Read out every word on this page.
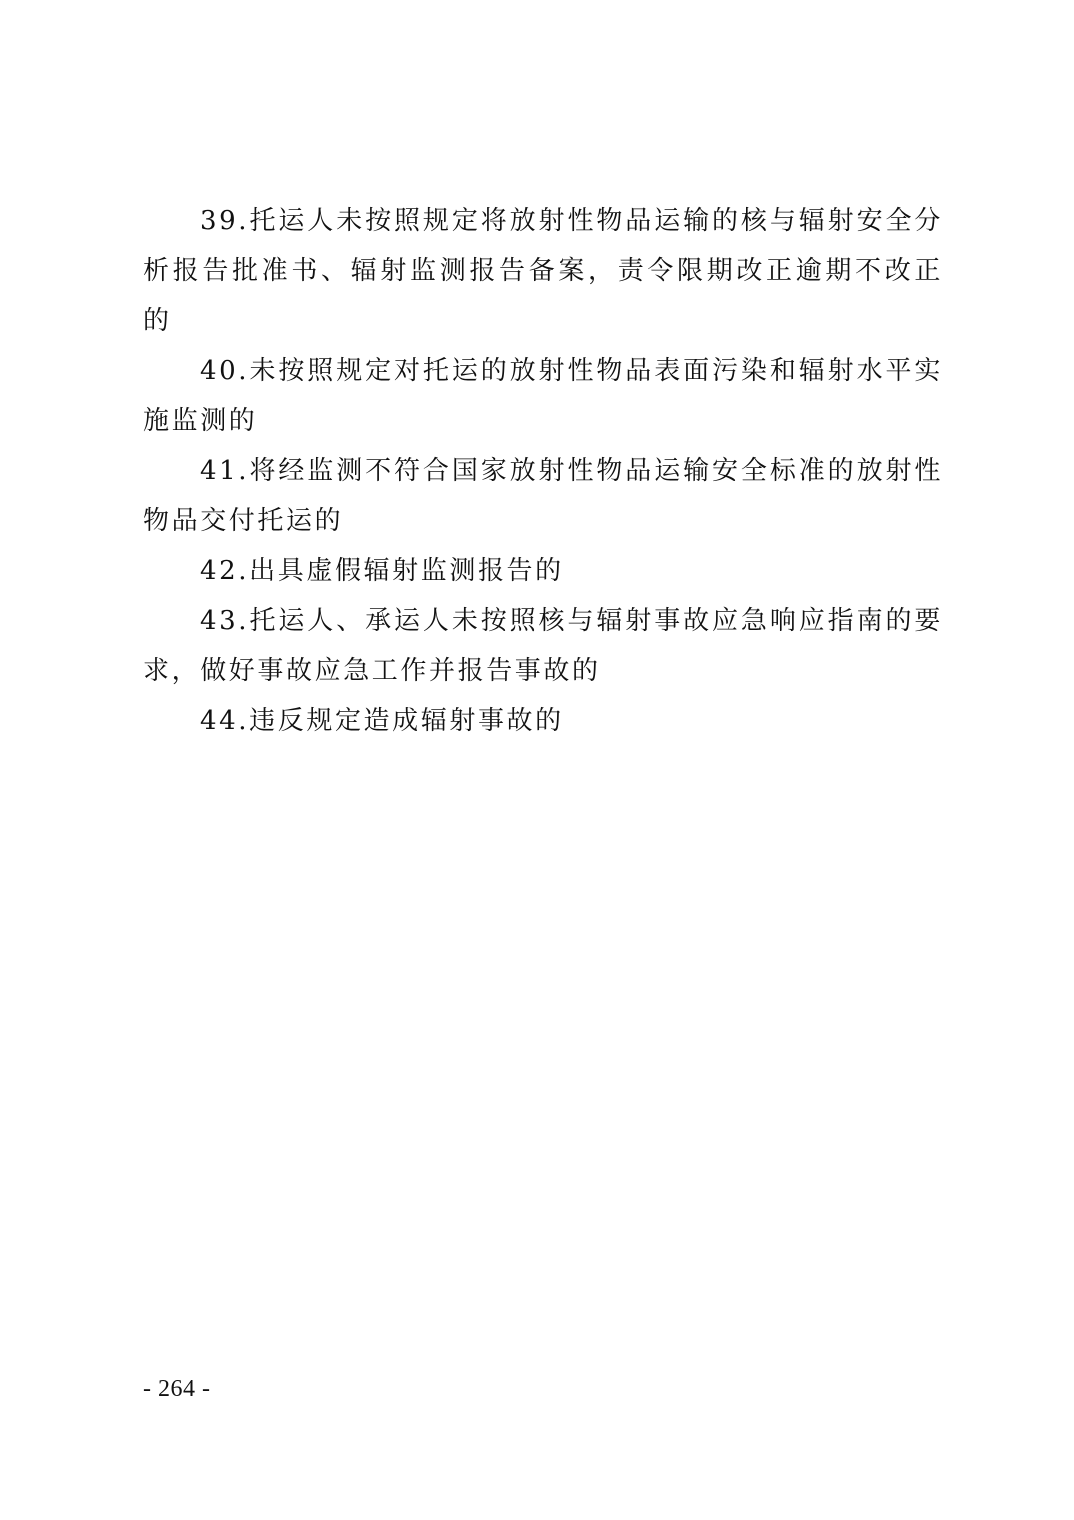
39.托运人未按照规定将放射性物品运输的核与辐射安全分析报告批准书、辐射监测报告备案，责令限期改正逾期不改正的

40.未按照规定对托运的放射性物品表面污染和辐射水平实施监测的

41.将经监测不符合国家放射性物品运输安全标准的放射性物品交付托运的

42.出具虚假辐射监测报告的

43.托运人、承运人未按照核与辐射事故应急响应指南的要求，做好事故应急工作并报告事故的

44.违反规定造成辐射事故的

- 264 -
